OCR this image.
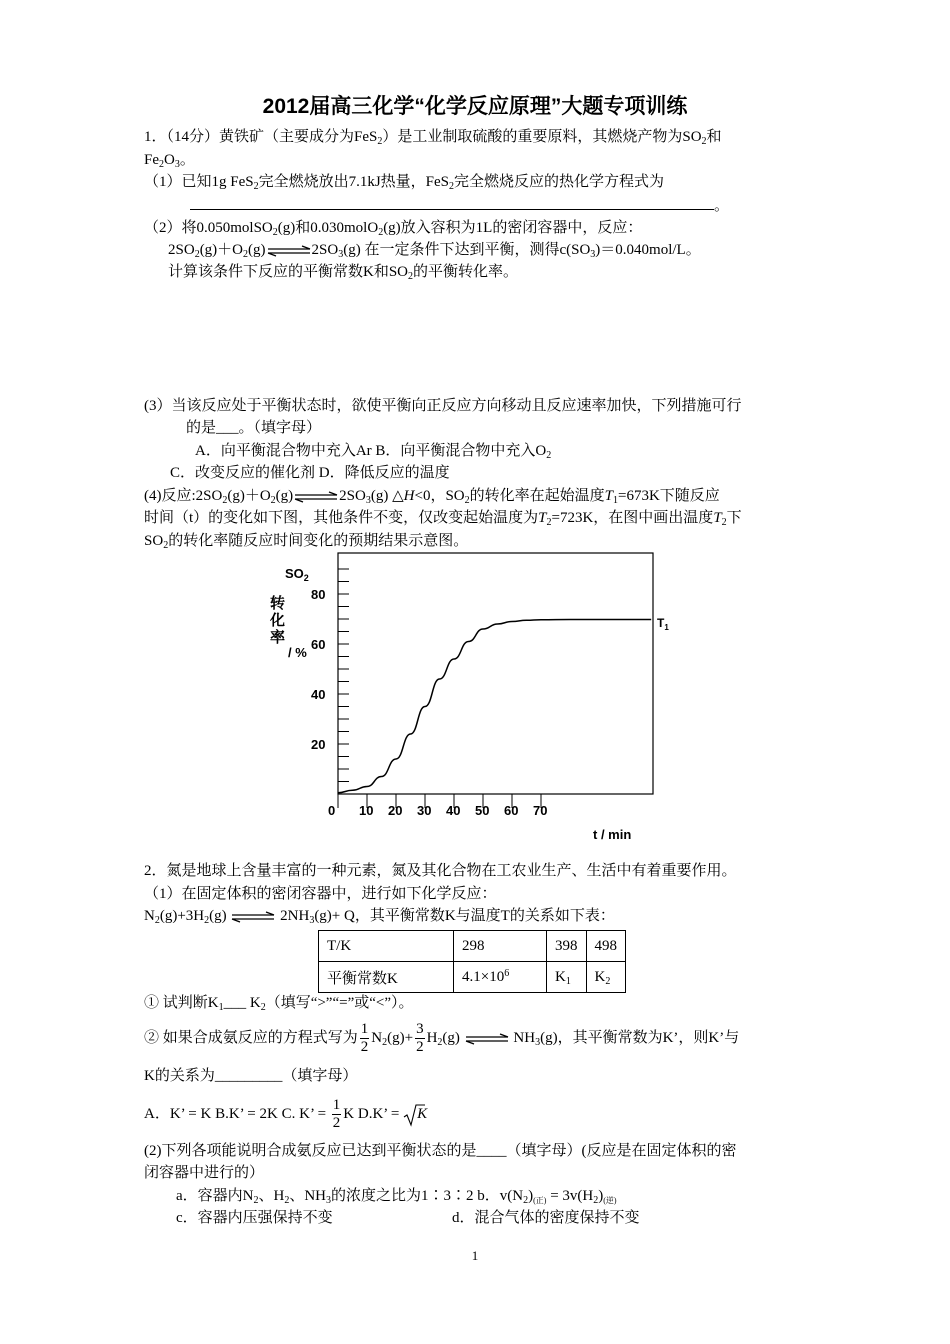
2012届高三化学“化学反应原理”大题专项训练
1．（14分）黄铁矿（主要成分为FeS$_2$）是工业制取硫酸的重要原料，其燃烧产物为$SO_2$和
$Fe_2O_3$。
（1）已知1g FeS$_2$完全燃烧放出7.1kJ热量，FeS$_2$完全燃烧反应的热化学方程式为
。
（2）将0.050molSO$_2$(g)和0.030molO$_2$(g)放入容积为1L的密闭容器中，反应：
$2SO_2(g)+O_2(g)\rightleftharpoons 2SO_3(g)$ 在一定条件下达到平衡，测得$c(SO_3)=0.040mol/L$。
计算该条件下反应的平衡常数K和$SO_2$的平衡转化率。
(3）当该反应处于平衡状态时，欲使平衡向正反应方向移动且反应速率加快，下列措施可行
的是___。（填字母）
A．向平衡混合物中充入Ar B．向平衡混合物中充入$O_2$
C．改变反应的催化剂 D．降低反应的温度
(4)反应$:2SO_2(g)+O_2(g)\rightleftharpoons 2SO_3(g)$ △H<0，$SO_2$的转化率在起始温度$T_1=673K$下随反应
时间（t）的变化如下图，其他条件不变，仅改变起始温度为$T_2=723K$，在图中画出温度$T_2$下
$SO_2$的转化率随反应时间变化的预期结果示意图。
$SO_2$
转
化
率
/ %
t / min
$T_1$
80
60
40
20
0 10 20 30 40 50 60 70
2．氮是地球上含量丰富的一种元素，氮及其化合物在工农业生产、生活中有着重要作用。
（1）在固定体积的密闭容器中，进行如下化学反应：
$N_2(g)+3H_2(g)$ ⇌ $2NH_3(g)+ Q$，其平衡常数K与温度T的关系如下表：
T/K	298	398	498
平衡常数K	$4.1\times 10^6$	$K_1$	$K_2$
① 试判断$K_1\_\_\_$ $K_2$（填写“>”“=”或“<”）。
② 如果合成氨反应的方程式写为 $\frac{1}{2} N_2(g)+ \frac{3}{2} H_2(g)$ ⇌ $NH_3(g)$，其平衡常数为K’，则K’与
K的关系为_________（填字母）
A．K’ = K B.K’ = 2K C. K’ = $\frac{1}{2}$ K D.K’ = K
(2)下列各项能说明合成氨反应已达到平衡状态的是____（填字母）(反应是在固定体积的密
闭容器中进行的）
a．容器内$N_2$、$H_2$、$NH_3$的浓度之比为1∶3∶2 b．$v(N_2)_{(正)} = 3v(H_2)_{(逆)}$
c．容器内压强保持不变	d．混合气体的密度保持不变
1
